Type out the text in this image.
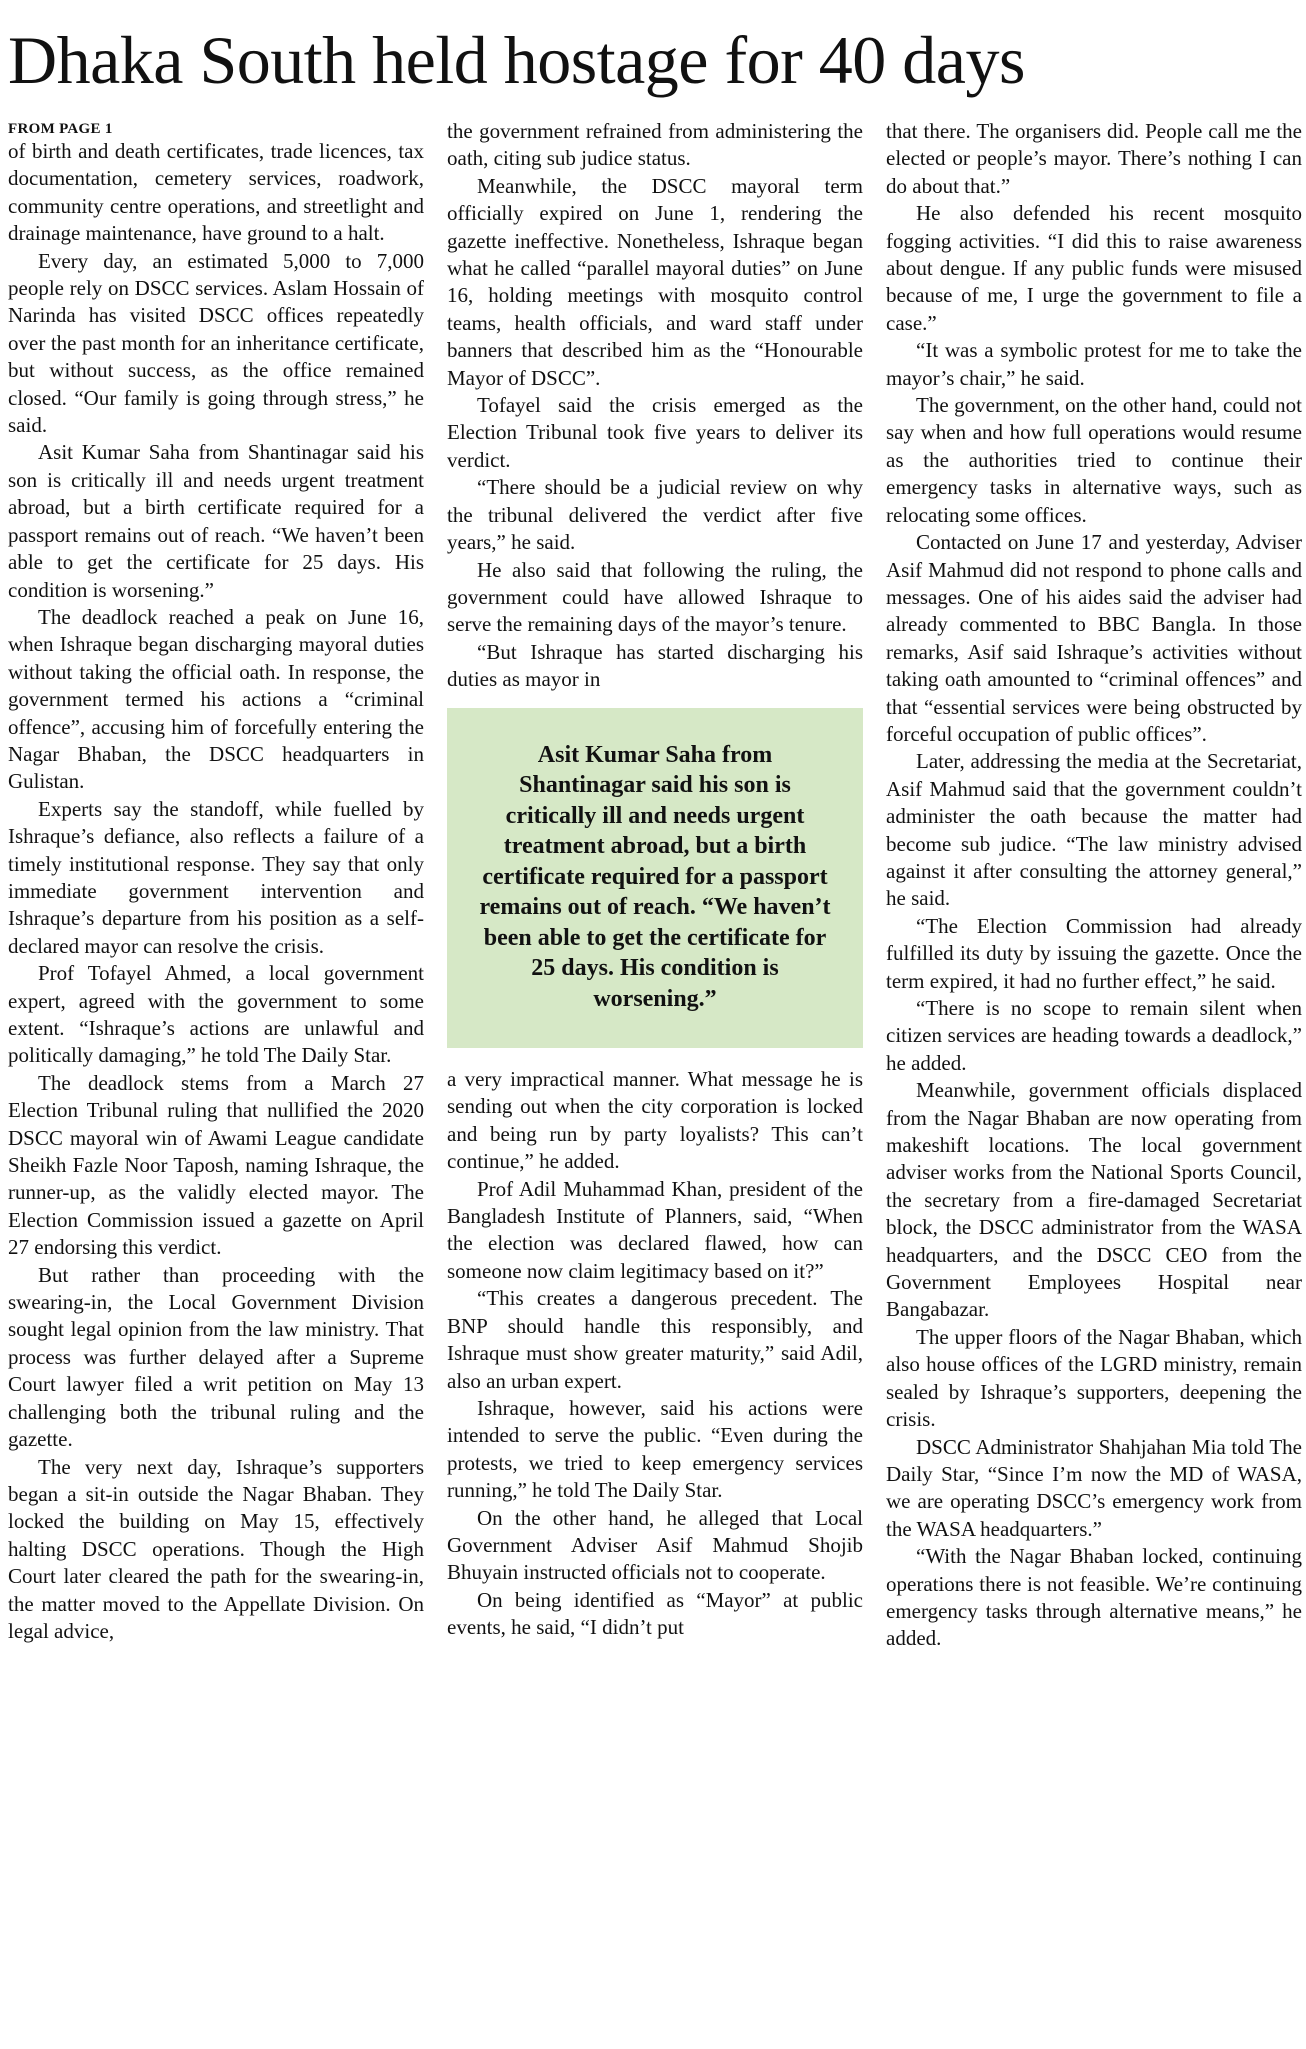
Dhaka South held hostage for 40 days
FROM PAGE 1

of birth and death certificates, trade licences, tax documentation, cemetery services, roadwork, community centre operations, and streetlight and drainage maintenance, have ground to a halt.

Every day, an estimated 5,000 to 7,000 people rely on DSCC services. Aslam Hossain of Narinda has visited DSCC offices repeatedly over the past month for an inheritance certificate, but without success, as the office remained closed. “Our family is going through stress,” he said.

Asit Kumar Saha from Shantinagar said his son is critically ill and needs urgent treatment abroad, but a birth certificate required for a passport remains out of reach. “We haven’t been able to get the certificate for 25 days. His condition is worsening.”

The deadlock reached a peak on June 16, when Ishraque began discharging mayoral duties without taking the official oath. In response, the government termed his actions a “criminal offence”, accusing him of forcefully entering the Nagar Bhaban, the DSCC headquarters in Gulistan.

Experts say the standoff, while fuelled by Ishraque’s defiance, also reflects a failure of a timely institutional response. They say that only immediate government intervention and Ishraque’s departure from his position as a self-declared mayor can resolve the crisis.

Prof Tofayel Ahmed, a local government expert, agreed with the government to some extent. “Ishraque’s actions are unlawful and politically damaging,” he told The Daily Star.

The deadlock stems from a March 27 Election Tribunal ruling that nullified the 2020 DSCC mayoral win of Awami League candidate Sheikh Fazle Noor Taposh, naming Ishraque, the runner-up, as the validly elected mayor. The Election Commission issued a gazette on April 27 endorsing this verdict.

But rather than proceeding with the swearing-in, the Local Government Division sought legal opinion from the law ministry. That process was further delayed after a Supreme Court lawyer filed a writ petition on May 13 challenging both the tribunal ruling and the gazette.

The very next day, Ishraque’s supporters began a sit-in outside the Nagar Bhaban. They locked the building on May 15, effectively halting DSCC operations. Though the High Court later cleared the path for the swearing-in, the matter moved to the Appellate Division. On legal advice,

the government refrained from administering the oath, citing sub judice status.

Meanwhile, the DSCC mayoral term officially expired on June 1, rendering the gazette ineffective. Nonetheless, Ishraque began what he called “parallel mayoral duties” on June 16, holding meetings with mosquito control teams, health officials, and ward staff under banners that described him as the “Honourable Mayor of DSCC”.

Tofayel said the crisis emerged as the Election Tribunal took five years to deliver its verdict.

“There should be a judicial review on why the tribunal delivered the verdict after five years,” he said.

He also said that following the ruling, the government could have allowed Ishraque to serve the remaining days of the mayor’s tenure.

“But Ishraque has started discharging his duties as mayor in

Asit Kumar Saha from Shantinagar said his son is critically ill and needs urgent treatment abroad, but a birth certificate required for a passport remains out of reach. “We haven’t been able to get the certificate for 25 days. His condition is worsening.”

a very impractical manner. What message he is sending out when the city corporation is locked and being run by party loyalists? This can’t continue,” he added.

Prof Adil Muhammad Khan, president of the Bangladesh Institute of Planners, said, “When the election was declared flawed, how can someone now claim legitimacy based on it?”

“This creates a dangerous precedent. The BNP should handle this responsibly, and Ishraque must show greater maturity,” said Adil, also an urban expert.

Ishraque, however, said his actions were intended to serve the public. “Even during the protests, we tried to keep emergency services running,” he told The Daily Star.

On the other hand, he alleged that Local Government Adviser Asif Mahmud Shojib Bhuyain instructed officials not to cooperate.

On being identified as “Mayor” at public events, he said, “I didn’t put

that there. The organisers did. People call me the elected or people’s mayor. There’s nothing I can do about that.”

He also defended his recent mosquito fogging activities. “I did this to raise awareness about dengue. If any public funds were misused because of me, I urge the government to file a case.”

“It was a symbolic protest for me to take the mayor’s chair,” he said.

The government, on the other hand, could not say when and how full operations would resume as the authorities tried to continue their emergency tasks in alternative ways, such as relocating some offices.

Contacted on June 17 and yesterday, Adviser Asif Mahmud did not respond to phone calls and messages. One of his aides said the adviser had already commented to BBC Bangla. In those remarks, Asif said Ishraque’s activities without taking oath amounted to “criminal offences” and that “essential services were being obstructed by forceful occupation of public offices”.

Later, addressing the media at the Secretariat, Asif Mahmud said that the government couldn’t administer the oath because the matter had become sub judice. “The law ministry advised against it after consulting the attorney general,” he said.

“The Election Commission had already fulfilled its duty by issuing the gazette. Once the term expired, it had no further effect,” he said.

“There is no scope to remain silent when citizen services are heading towards a deadlock,” he added.

Meanwhile, government officials displaced from the Nagar Bhaban are now operating from makeshift locations. The local government adviser works from the National Sports Council, the secretary from a fire-damaged Secretariat block, the DSCC administrator from the WASA headquarters, and the DSCC CEO from the Government Employees Hospital near Bangabazar.

The upper floors of the Nagar Bhaban, which also house offices of the LGRD ministry, remain sealed by Ishraque’s supporters, deepening the crisis.

DSCC Administrator Shahjahan Mia told The Daily Star, “Since I’m now the MD of WASA, we are operating DSCC’s emergency work from the WASA headquarters.”

“With the Nagar Bhaban locked, continuing operations there is not feasible. We’re continuing emergency tasks through alternative means,” he added.
